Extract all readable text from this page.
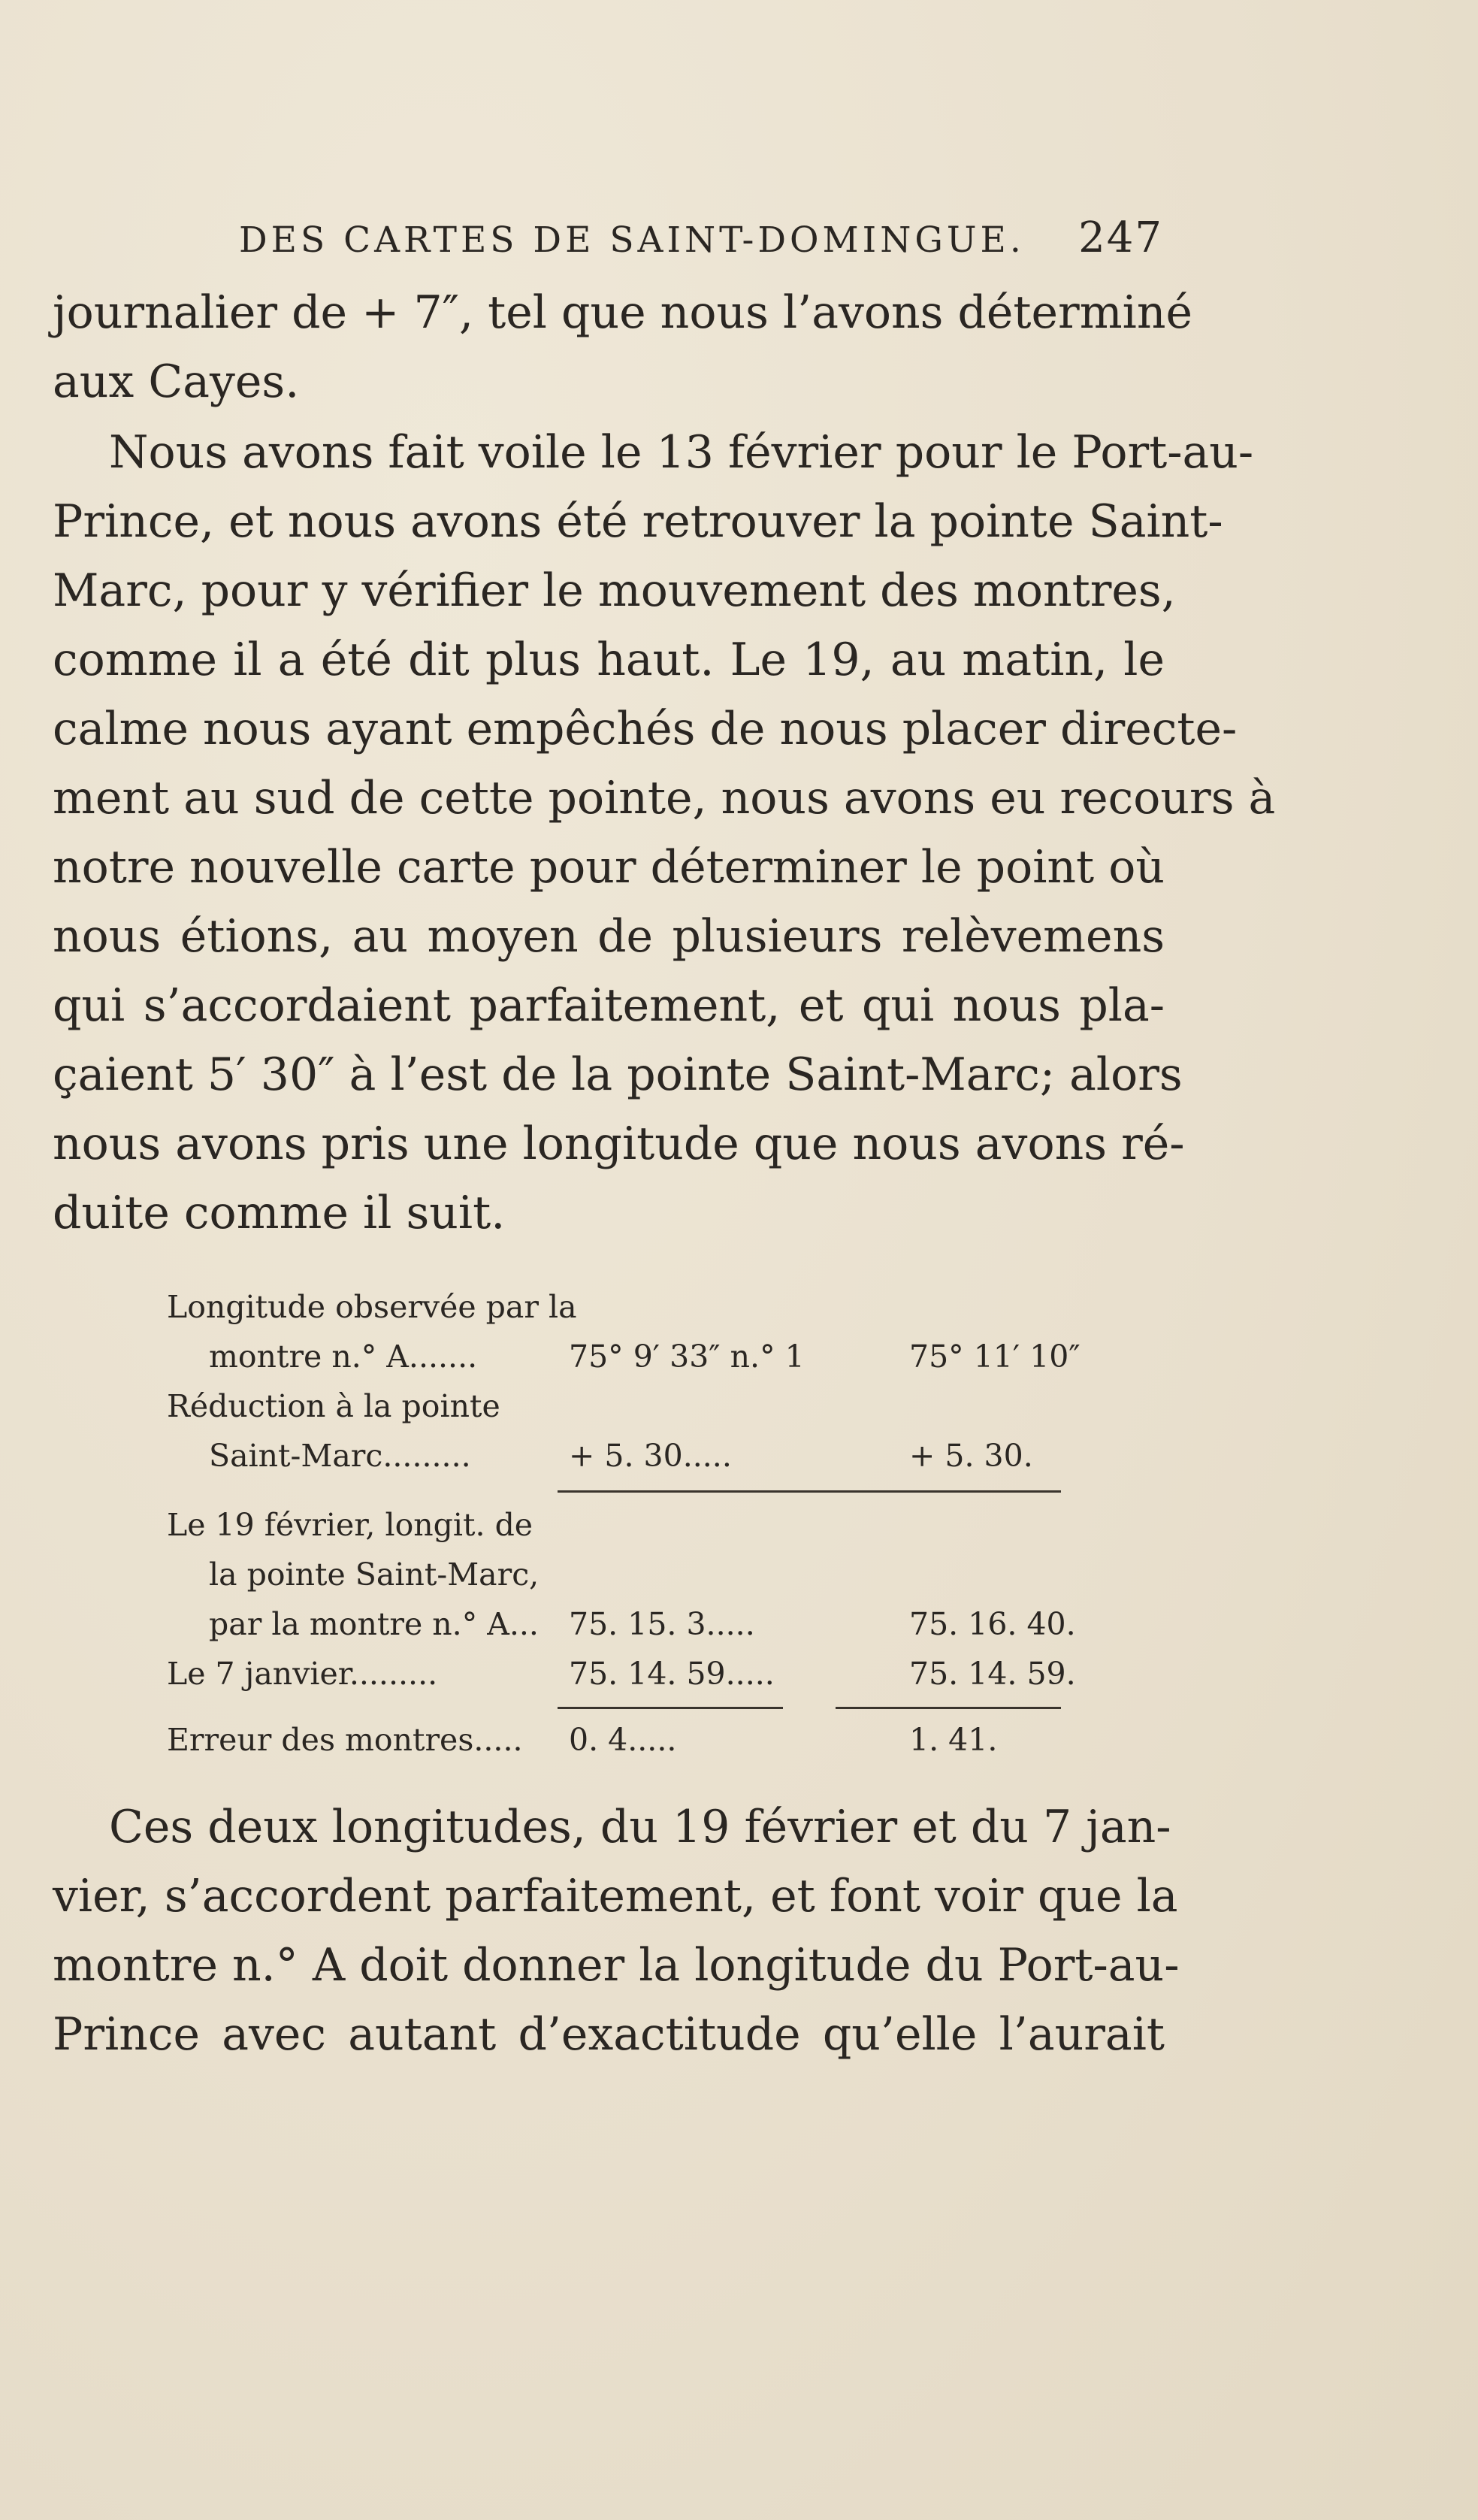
DES CARTES DE SAINT-DOMINGUE. 247
journalier de + 7″, tel que nous l’avons déterminé
aux Cayes.
Nous avons fait voile le 13 février pour le Port-au-
Prince, et nous avons été retrouver la pointe Saint-
Marc, pour y vérifier le mouvement des montres,
comme il a été dit plus haut. Le 19, au matin, le
calme nous ayant empêchés de nous placer directe-
ment au sud de cette pointe, nous avons eu recours à
notre nouvelle carte pour déterminer le point où
nous étions, au moyen de plusieurs relèvemens
qui s’accordaient parfaitement, et qui nous pla-
çaient 5′ 30″ à l’est de la pointe Saint-Marc; alors
nous avons pris une longitude que nous avons ré-
duite comme il suit.
Longitude observée par la
montre n.° A.......	75° 9′ 33″ n.° 1	75° 11′ 10″
Réduction à la pointe
Saint-Marc.........	+ 5. 30.....	+ 5. 30.
Le 19 février, longit. de
la pointe Saint-Marc,
par la montre n.° A... 75. 15. 3.....	75. 16. 40.
Le 7 janvier.........	75. 14. 59.....	75. 14. 59.
Erreur des montres..... 0. 4.....	1. 41.
Ces deux longitudes, du 19 février et du 7 jan-
vier, s’accordent parfaitement, et font voir que la
montre n.° A doit donner la longitude du Port-au-
Prince avec autant d’exactitude qu’elle l’aurait
